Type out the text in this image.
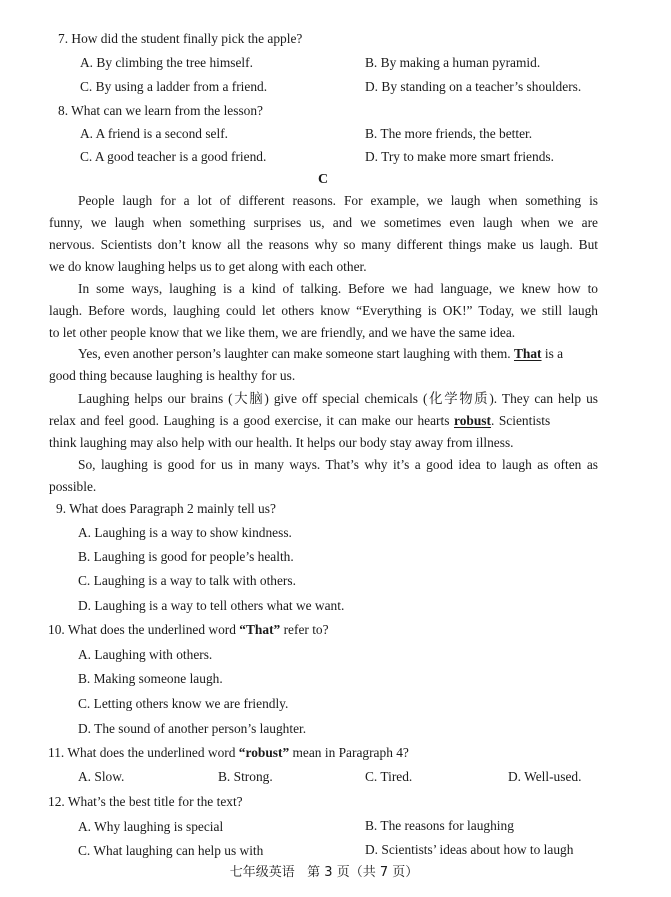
7. How did the student finally pick the apple?
A. By climbing the tree himself.	B. By making a human pyramid.
C. By using a ladder from a friend.	D. By standing on a teacher’s shoulders.
8. What can we learn from the lesson?
A. A friend is a second self.	B. The more friends, the better.
C. A good teacher is a good friend.	D. Try to make more smart friends.
C
People laugh for a lot of different reasons. For example, we laugh when something is
funny, we laugh when something surprises us, and we sometimes even laugh when we are
nervous. Scientists don’t know all the reasons why so many different things make us laugh. But
we do know laughing helps us to get along with each other.
In some ways, laughing is a kind of talking. Before we had language, we knew how to
laugh. Before words, laughing could let others know “Everything is OK!” Today, we still laugh
to let other people know that we like them, we are friendly, and we have the same idea.
Yes, even another person’s laughter can make someone start laughing with them. That is a
good thing because laughing is healthy for us.
Laughing helps our brains (大脑) give off special chemicals (化学物质). They can help us
relax and feel good. Laughing is a good exercise, it can make our hearts robust. Scientists
think laughing may also help with our health. It helps our body stay away from illness.
So, laughing is good for us in many ways. That’s why it’s a good idea to laugh as often as
possible.
9. What does Paragraph 2 mainly tell us?
A. Laughing is a way to show kindness.
B. Laughing is good for people’s health.
C. Laughing is a way to talk with others.
D. Laughing is a way to tell others what we want.
10. What does the underlined word “That” refer to?
A. Laughing with others.
B. Making someone laugh.
C. Letting others know we are friendly.
D. The sound of another person’s laughter.
11. What does the underlined word “robust” mean in Paragraph 4?
A. Slow.	B. Strong.	C. Tired.	D. Well-used.
12. What’s the best title for the text?
A. Why laughing is special	B. The reasons for laughing
C. What laughing can help us with	D. Scientists’ ideas about how to laugh
七年级英语   第 3 页（共 7 页）
